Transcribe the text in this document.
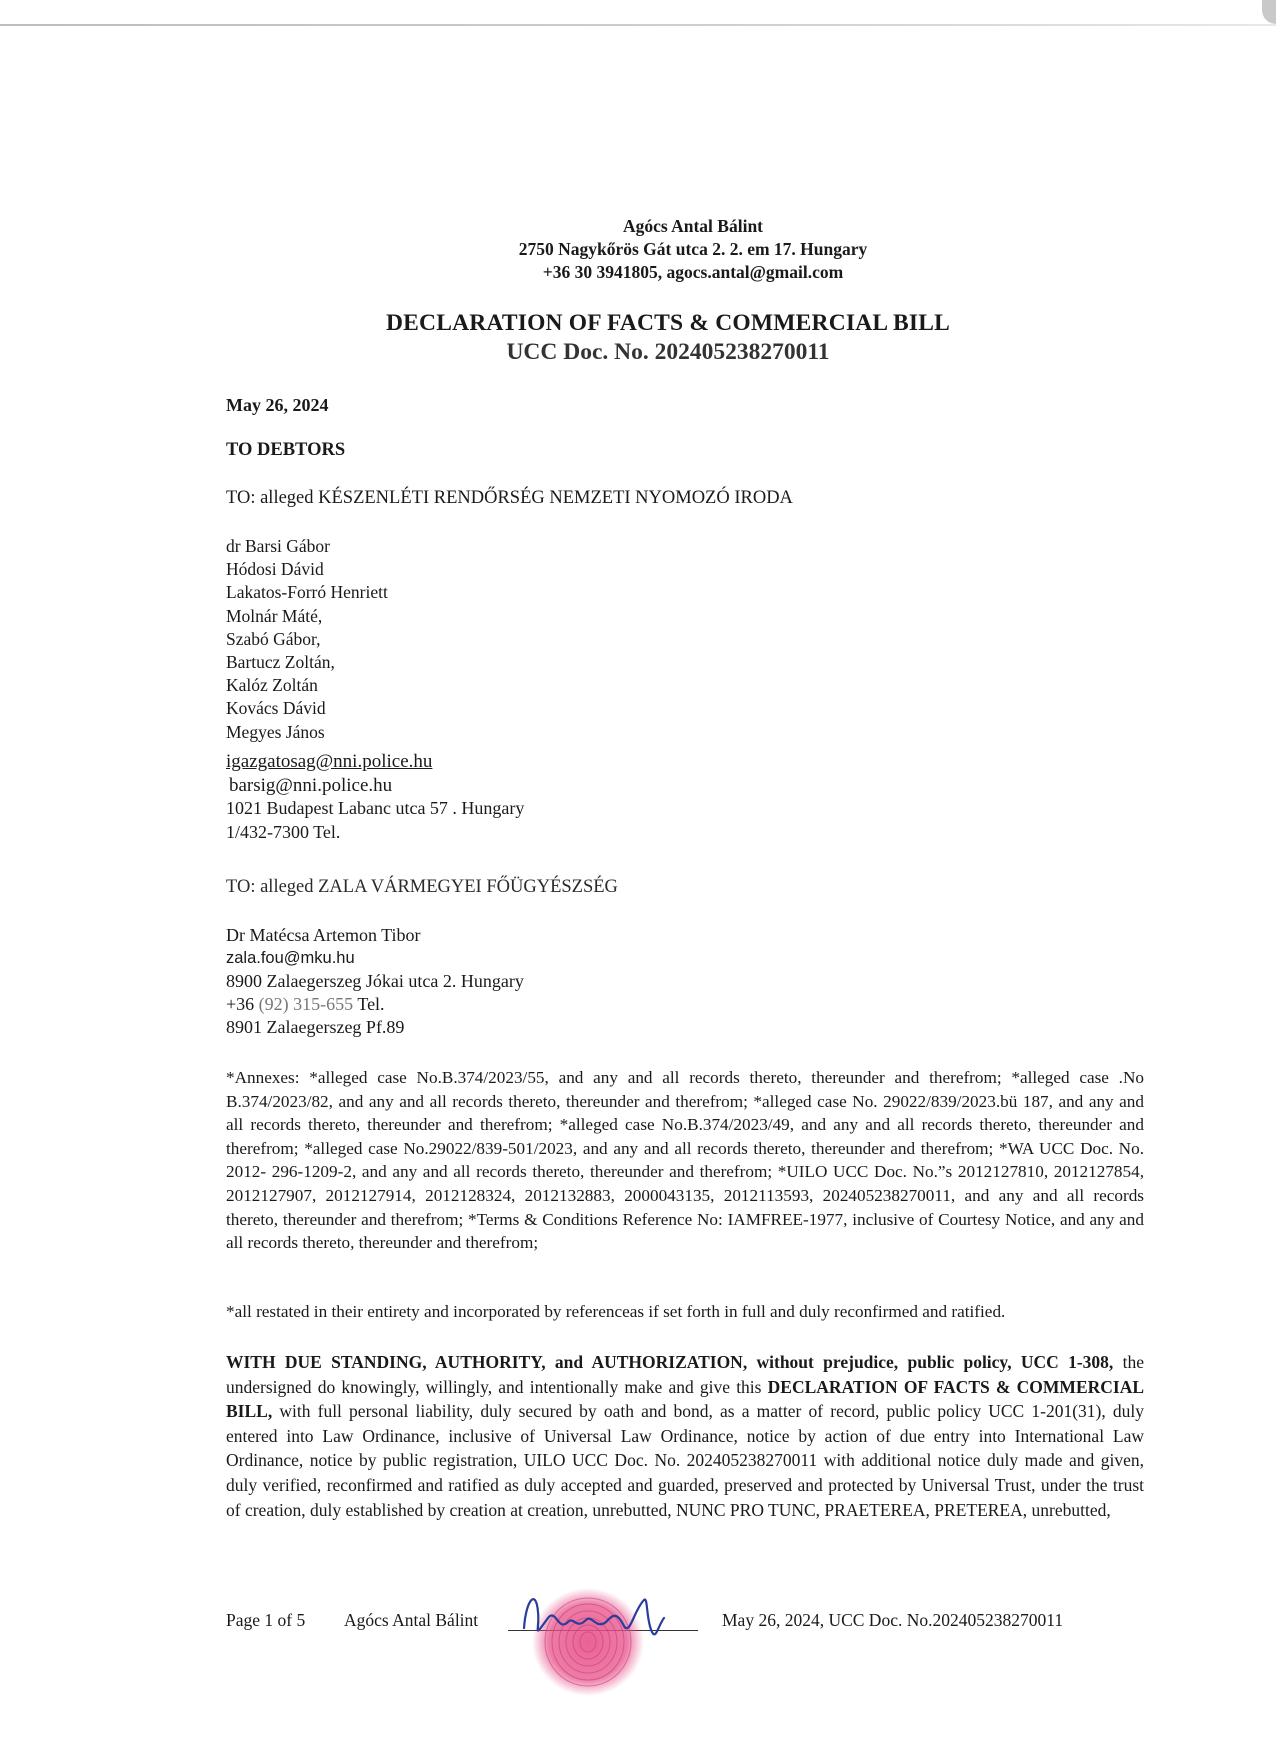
Agócs Antal Bálint
2750 Nagykőrös Gát utca 2. 2. em 17. Hungary
+36 30 3941805, agocs.antal@gmail.com
DECLARATION OF FACTS & COMMERCIAL BILL
UCC Doc. No. 202405238270011
May 26, 2024
TO DEBTORS
TO: alleged KÉSZENLÉTI RENDŐRSÉG NEMZETI NYOMOZÓ IRODA
dr Barsi Gábor
Hódosi Dávid
Lakatos-Forró Henriett
Molnár Máté,
Szabó Gábor,
Bartucz Zoltán,
Kalóz Zoltán
Kovács Dávid
Megyes János
igazgatosag@nni.police.hu
barsig@nni.police.hu
1021 Budapest Labanc utca 57 . Hungary
1/432-7300 Tel.
TO: alleged ZALA VÁRMEGYEI FŐÜGYÉSZSÉG
Dr Matécsa Artemon Tibor
zala.fou@mku.hu
8900 Zalaegerszeg Jókai utca 2. Hungary
+36 (92) 315-655 Tel.
8901 Zalaegerszeg Pf.89
*Annexes: *alleged case No.B.374/2023/55, and any and all records thereto, thereunder and therefrom; *alleged case .No B.374/2023/82, and any and all records thereto, thereunder and therefrom; *alleged case No. 29022/839/2023.bü 187, and any and all records thereto, thereunder and therefrom; *alleged case No.B.374/2023/49, and any and all records thereto, thereunder and therefrom; *alleged case No.29022/839-501/2023, and any and all records thereto, thereunder and therefrom; *WA UCC Doc. No. 2012- 296-1209-2, and any and all records thereto, thereunder and therefrom; *UILO UCC Doc. No.”s 2012127810, 2012127854, 2012127907, 2012127914, 2012128324, 2012132883, 2000043135, 2012113593, 202405238270011, and any and all records thereto, thereunder and therefrom; *Terms & Conditions Reference No: IAMFREE-1977, inclusive of Courtesy Notice, and any and all records thereto, thereunder and therefrom;
*all restated in their entirety and incorporated by referenceas if set forth in full and duly reconfirmed and ratified.
WITH DUE STANDING, AUTHORITY, and AUTHORIZATION, without prejudice, public policy, UCC 1-308, the undersigned do knowingly, willingly, and intentionally make and give this DECLARATION OF FACTS & COMMERCIAL BILL, with full personal liability, duly secured by oath and bond, as a matter of record, public policy UCC 1-201(31), duly entered into Law Ordinance, inclusive of Universal Law Ordinance, notice by action of due entry into International Law Ordinance, notice by public registration, UILO UCC Doc. No. 202405238270011 with additional notice duly made and given, duly verified, reconfirmed and ratified as duly accepted and guarded, preserved and protected by Universal Trust, under the trust of creation, duly established by creation at creation, unrebutted, NUNC PRO TUNC, PRAETEREA, PRETEREA, unrebutted,
Page 1 of 5 Agócs Antal Bálint	May 26, 2024, UCC Doc. No.202405238270011
